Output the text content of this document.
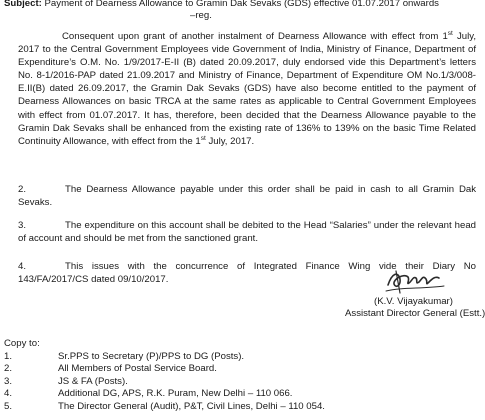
Subject: Payment of Dearness Allowance to Gramin Dak Sevaks (GDS) effective 01.07.2017 onwards
–reg.
Consequent upon grant of another instalment of Dearness Allowance with effect from 1st July, 2017 to the Central Government Employees vide Government of India, Ministry of Finance, Department of Expenditure’s O.M. No. 1/9/2017-E-II (B) dated 20.09.2017, duly endorsed vide this Department’s letters No. 8-1/2016-PAP dated 21.09.2017 and Ministry of Finance, Department of Expenditure OM No.1/3/008-E.II(B) dated 26.09.2017, the Gramin Dak Sevaks (GDS) have also become entitled to the payment of Dearness Allowances on basic TRCA at the same rates as applicable to Central Government Employees with effect from 01.07.2017. It has, therefore, been decided that the Dearness Allowance payable to the Gramin Dak Sevaks shall be enhanced from the existing rate of 136% to 139% on the basic Time Related Continuity Allowance, with effect from the 1st July, 2017.
2.	The Dearness Allowance payable under this order shall be paid in cash to all Gramin Dak Sevaks.
3.	The expenditure on this account shall be debited to the Head “Salaries” under the relevant head of account and should be met from the sanctioned grant.
4.	This issues with the concurrence of Integrated Finance Wing vide their Diary No 143/FA/2017/CS dated 09/10/2017.
(K.V. Vijayakumar)
Assistant Director General (Estt.)
Copy to:
1.	Sr.PPS to Secretary (P)/PPS to DG (Posts).
2.	All Members of Postal Service Board.
3.	JS & FA (Posts).
4.	Additional DG, APS, R.K. Puram, New Delhi – 110 066.
5.	The Director General (Audit), P&T, Civil Lines, Delhi – 110 054.
